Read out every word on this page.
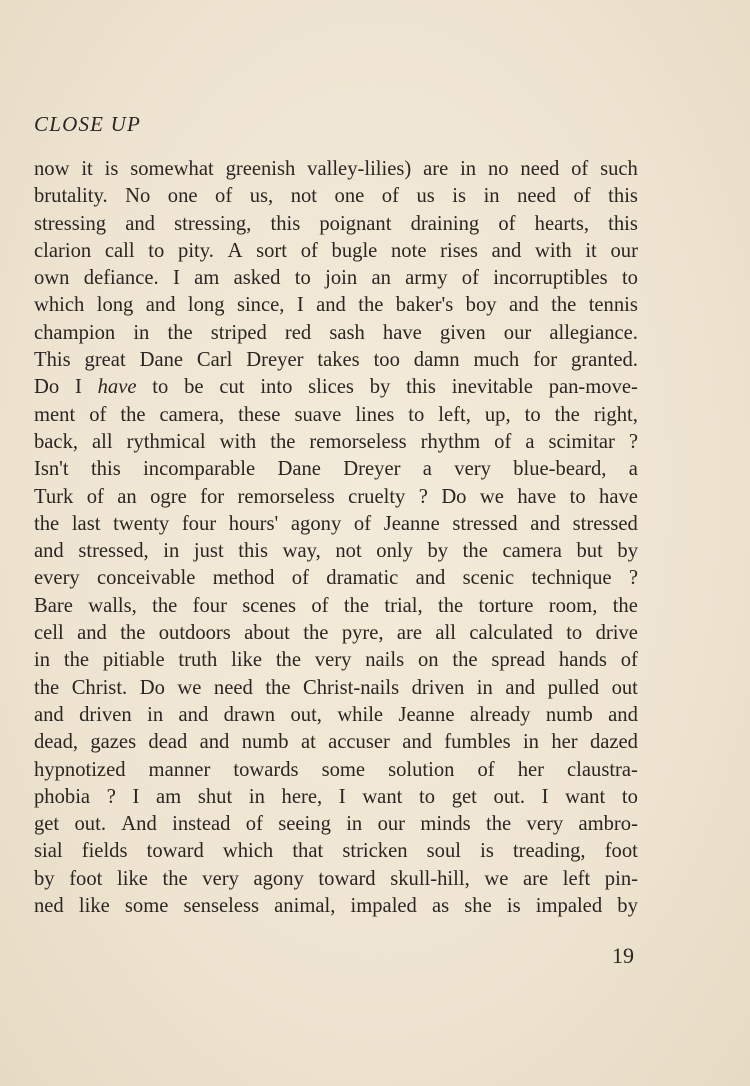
CLOSE UP
now it is somewhat greenish valley-lilies) are in no need of such
brutality. No one of us, not one of us is in need of this
stressing and stressing, this poignant draining of hearts, this
clarion call to pity. A sort of bugle note rises and with it our
own defiance. I am asked to join an army of incorruptibles to
which long and long since, I and the baker's boy and the tennis
champion in the striped red sash have given our allegiance.
This great Dane Carl Dreyer takes too damn much for granted.
Do I have to be cut into slices by this inevitable pan-move-
ment of the camera, these suave lines to left, up, to the right,
back, all rythmical with the remorseless rhythm of a scimitar ?
Isn't this incomparable Dane Dreyer a very blue-beard, a
Turk of an ogre for remorseless cruelty ? Do we have to have
the last twenty four hours' agony of Jeanne stressed and stressed
and stressed, in just this way, not only by the camera but by
every conceivable method of dramatic and scenic technique ?
Bare walls, the four scenes of the trial, the torture room, the
cell and the outdoors about the pyre, are all calculated to drive
in the pitiable truth like the very nails on the spread hands of
the Christ. Do we need the Christ-nails driven in and pulled out
and driven in and drawn out, while Jeanne already numb and
dead, gazes dead and numb at accuser and fumbles in her dazed
hypnotized manner towards some solution of her claustra-
phobia ? I am shut in here, I want to get out. I want to
get out. And instead of seeing in our minds the very ambro-
sial fields toward which that stricken soul is treading, foot
by foot like the very agony toward skull-hill, we are left pin-
ned like some senseless animal, impaled as she is impaled by
19
